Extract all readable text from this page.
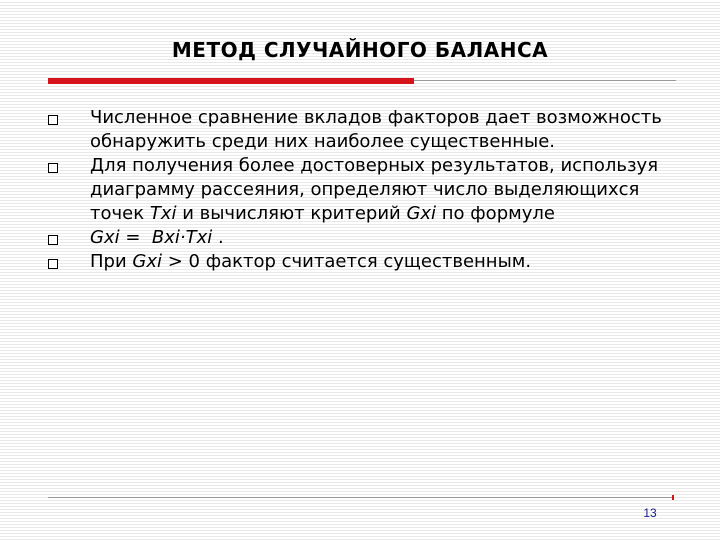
МЕТОД СЛУЧАЙНОГО БАЛАНСА
Численное сравнение вкладов факторов дает возможность обнаружить среди них наиболее существенные.
Для получения более достоверных результатов, используя диаграмму рассеяния, определяют число выделяющихся точек Txi и вычисляют критерий Gxi по формуле
Gxi =  Bxi·Txi .
При Gxi > 0 фактор считается существенным.
13
